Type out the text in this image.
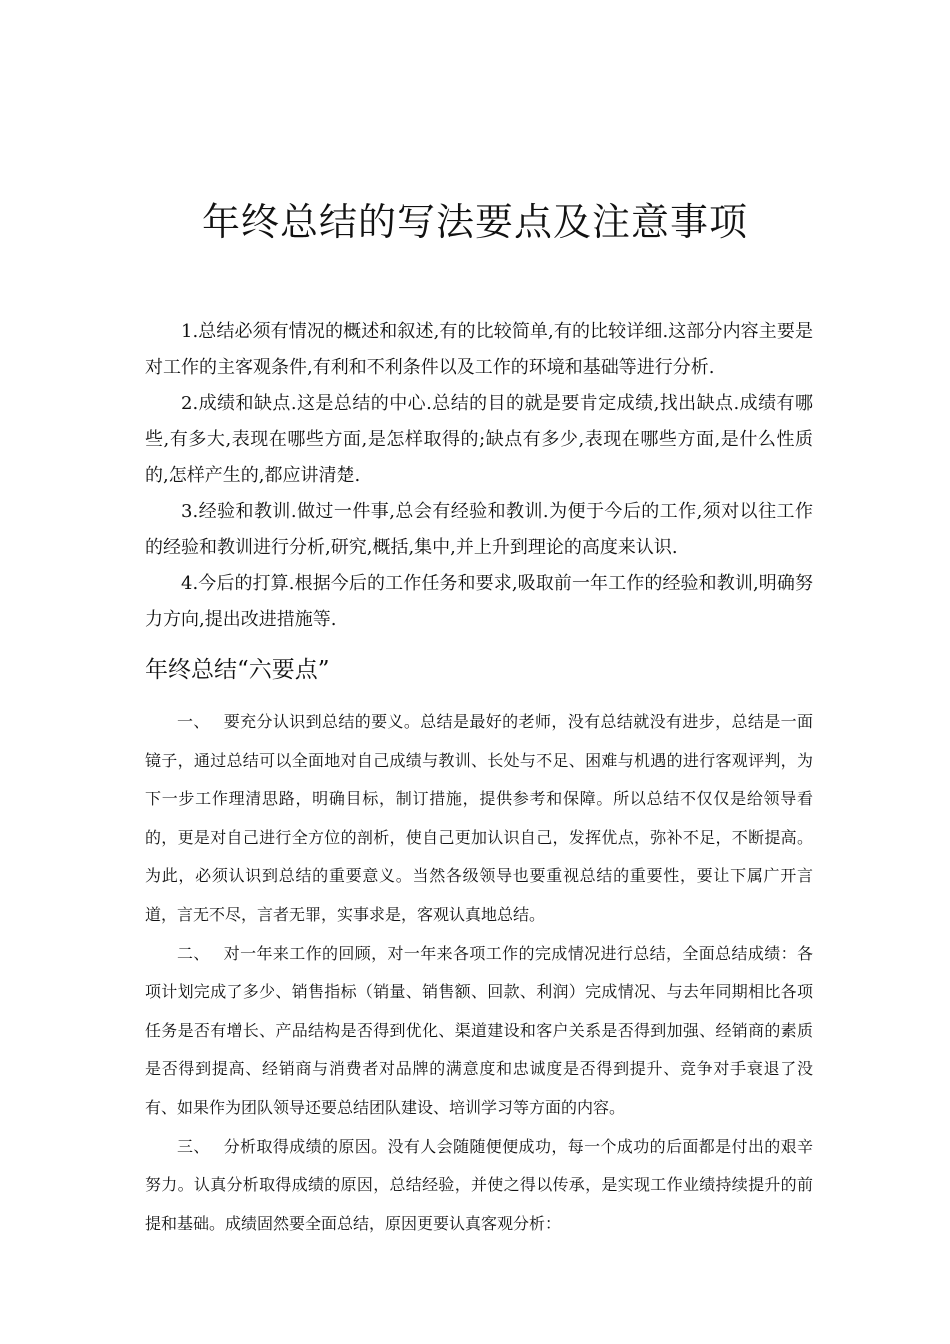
年终总结的写法要点及注意事项

1.总结必须有情况的概述和叙述,有的比较简单,有的比较详细.这部分内容主要是对工作的主客观条件,有利和不利条件以及工作的环境和基础等进行分析.

2.成绩和缺点.这是总结的中心.总结的目的就是要肯定成绩,找出缺点.成绩有哪些,有多大,表现在哪些方面,是怎样取得的;缺点有多少,表现在哪些方面,是什么性质的,怎样产生的,都应讲清楚.

3.经验和教训.做过一件事,总会有经验和教训.为便于今后的工作,须对以往工作的经验和教训进行分析,研究,概括,集中,并上升到理论的高度来认识.

4.今后的打算.根据今后的工作任务和要求,吸取前一年工作的经验和教训,明确努力方向,提出改进措施等.

年终总结“六要点”

一、 要充分认识到总结的要义。总结是最好的老师，没有总结就没有进步，总结是一面镜子，通过总结可以全面地对自己成绩与教训、长处与不足、困难与机遇的进行客观评判，为下一步工作理清思路，明确目标，制订措施，提供参考和保障。所以总结不仅仅是给领导看的，更是对自己进行全方位的剖析，使自己更加认识自己，发挥优点，弥补不足，不断提高。为此，必须认识到总结的重要意义。当然各级领导也要重视总结的重要性，要让下属广开言道，言无不尽，言者无罪，实事求是，客观认真地总结。

二、 对一年来工作的回顾，对一年来各项工作的完成情况进行总结，全面总结成绩：各项计划完成了多少、销售指标（销量、销售额、回款、利润）完成情况、与去年同期相比各项任务是否有增长、产品结构是否得到优化、渠道建设和客户关系是否得到加强、经销商的素质是否得到提高、经销商与消费者对品牌的满意度和忠诚度是否得到提升、竞争对手衰退了没有、如果作为团队领导还要总结团队建设、培训学习等方面的内容。

三、 分析取得成绩的原因。没有人会随随便便成功，每一个成功的后面都是付出的艰辛努力。认真分析取得成绩的原因，总结经验，并使之得以传承，是实现工作业绩持续提升的前提和基础。成绩固然要全面总结，原因更要认真客观分析：
